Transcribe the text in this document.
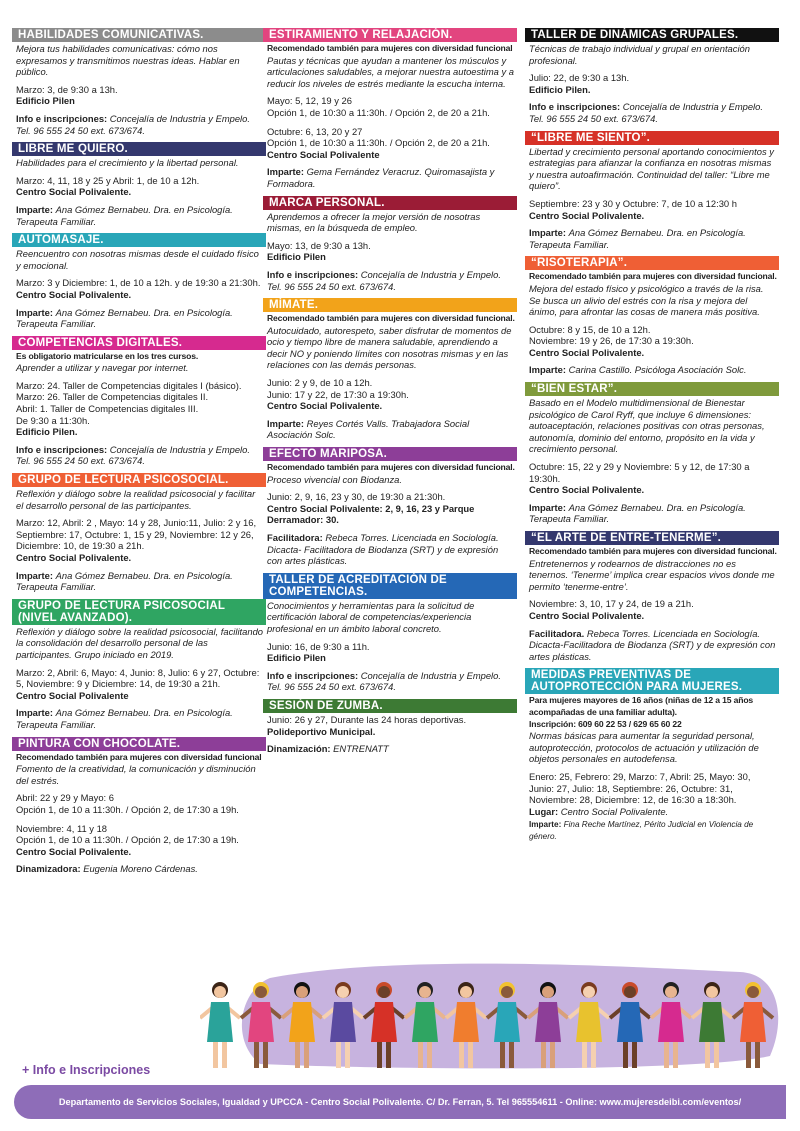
HABILIDADES COMUNICATIVAS.

Mejora tus habilidades comunicativas: cómo nos expresamos y transmitimos nuestras ideas. Hablar en público.

Marzo: 3, de 9:30 a 13h.

Edificio Pilen

Info e inscripciones: Concejalía de Industria y Empelo. Tel. 96 555 24 50 ext. 673/674.

LIBRE ME QUIERO.

Habilidades para el crecimiento y la libertad personal.

Marzo: 4, 11, 18 y 25 y Abril: 1, de 10 a 12h.

Centro Social Polivalente.

Imparte: Ana Gómez Bernabeu. Dra. en Psicología. Terapeuta Familiar.

AUTOMASAJE.

Reencuentro con nosotras mismas desde el cuidado físico y emocional.

Marzo: 3 y Diciembre: 1, de 10 a 12h. y de 19:30 a 21:30h.

Centro Social Polivalente.

Imparte: Ana Gómez Bernabeu. Dra. en Psicología. Terapeuta Familiar.

COMPETENCIAS DIGITALES.
Es obligatorio matricularse en los tres cursos.

Aprender a utilizar y navegar por internet.

Marzo: 24. Taller de Competencias digitales I (básico).
Marzo: 26. Taller de Competencias digitales II.
Abril: 1. Taller de Competencias digitales III.
De 9:30 a 11:30h.

Edificio Pilen.

Info e inscripciones: Concejalía de Industria y Empelo. Tel. 96 555 24 50 ext. 673/674.

GRUPO DE LECTURA PSICOSOCIAL.

Reflexión y diálogo sobre la realidad psicosocial y facilitar el desarrollo personal de las participantes.

Marzo: 12, Abril: 2 , Mayo: 14 y 28, Junio:11, Julio: 2 y 16, Septiembre: 17, Octubre: 1, 15 y 29, Noviembre: 12 y 26, Diciembre: 10, de 19:30 a 21h.

Centro Social Polivalente.

Imparte: Ana Gómez Bernabeu. Dra. en Psicología. Terapeuta Familiar.

GRUPO DE LECTURA PSICOSOCIAL
(NIVEL AVANZADO).

Reflexión y diálogo sobre la realidad psicosocial, facilitando la consolidación del desarrollo personal de las participantes. Grupo iniciado en 2019.

Marzo: 2, Abril: 6, Mayo: 4, Junio: 8, Julio: 6 y 27, Octubre: 5, Noviembre: 9 y Diciembre: 14, de 19:30 a 21h.

Centro Social Polivalente

Imparte: Ana Gómez Bernabeu. Dra. en Psicología. Terapeuta Familiar.

PINTURA CON CHOCOLATE.
Recomendado también para mujeres con diversidad funcional

Fomento de la creatividad, la comunicación y disminución del estrés.

Abril: 22 y 29 y Mayo: 6
Opción 1, de 10 a 11:30h. / Opción 2, de 17:30 a 19h.
Noviembre: 4, 11 y 18
Opción 1, de 10 a 11:30h. / Opción 2, de 17:30 a 19h.

Centro Social Polivalente.

Dinamizadora: Eugenia Moreno Cárdenas.

ESTIRAMIENTO Y RELAJACIÓN.
Recomendado también para mujeres con diversidad funcional

Pautas y técnicas que ayudan a mantener los músculos y articulaciones saludables, a mejorar nuestra autoestima y a reducir los niveles de estrés mediante la escucha interna.

Mayo: 5, 12, 19 y 26
Opción 1, de 10:30 a 11:30h. / Opción 2, de 20 a 21h.
Octubre: 6, 13, 20 y 27
Opción 1, de 10:30 a 11:30h. / Opción 2, de 20 a 21h.

Centro Social Polivalente

Imparte: Gema Fernández Veracruz. Quiromasajista y Formadora.

MARCA PERSONAL.

Aprendemos a ofrecer la mejor versión de nosotras mismas, en la búsqueda de empleo.

Mayo: 13, de 9:30 a 13h.

Edificio Pilen

Info e inscripciones: Concejalía de Industria y Empelo. Tel. 96 555 24 50 ext. 673/674.

MÍMATE.
Recomendado también para mujeres con diversidad funcional.

Autocuidado, autorespeto, saber disfrutar de momentos de ocio y tiempo libre de manera saludable, aprendiendo a decir NO y poniendo límites con nosotras mismas y en las relaciones con las demás personas.

Junio: 2 y 9, de 10 a 12h.
Junio: 17 y 22, de 17:30 a 19:30h.

Centro Social Polivalente.

Imparte: Reyes Cortés Valls. Trabajadora Social Asociación Solc.

EFECTO MARIPOSA.
Recomendado también para mujeres con diversidad funcional.

Proceso vivencial con Biodanza.

Junio: 2, 9, 16, 23 y 30, de 19:30 a 21:30h.

Centro Social Polivalente: 2, 9, 16, 23 y Parque Derramador: 30.

Facilitadora: Rebeca Torres. Licenciada en Sociología. Dicacta- Facilitadora de Biodanza (SRT) y de expresión con artes plásticas.

TALLER DE ACREDITACIÓN DE
COMPETENCIAS.

Conocimientos y herramientas para la solicitud de certificación laboral de competencias/experiencia profesional en un ámbito laboral concreto.

Junio: 16, de 9:30 a 11h.

Edificio Pilen

Info e inscripciones: Concejalía de Industria y Empelo. Tel. 96 555 24 50 ext. 673/674.

SESIÓN DE ZUMBA.
Junio: 26 y 27, Durante las 24 horas deportivas.

Polideportivo Municipal.

Dinamización: ENTRENATT

TALLER DE DINÁMICAS GRUPALES.

Técnicas de trabajo individual y grupal en orientación profesional.

Julio: 22, de 9:30 a 13h.

Edificio Pilen.

Info e inscripciones: Concejalía de Industria y Empelo. Tel. 96 555 24 50 ext. 673/674.

“LIBRE ME SIENTO”.

Libertad y crecimiento personal aportando conocimientos y estrategias para afianzar la confianza en nosotras mismas y nuestra autoafirmación. Continuidad del taller: “Libre me quiero”.

Septiembre: 23 y 30 y Octubre: 7, de 10 a 12:30 h

Centro Social Polivalente.

Imparte: Ana Gómez Bernabeu. Dra. en Psicología. Terapeuta Familiar.

“RISOTERAPIA”.
Recomendado también para mujeres con diversidad funcional.

Mejora del estado físico y psicológico a través de la risa. Se busca un alivio del estrés con la risa y mejora del ánimo, para afrontar las cosas de manera más positiva.

Octubre: 8 y 15, de 10 a 12h.
Noviembre: 19 y 26, de 17:30 a 19:30h.

Centro Social Polivalente.

Imparte: Carina Castillo. Psicóloga Asociación Solc.

“BIEN ESTAR”.

Basado en el Modelo multidimensional de Bienestar psicológico de Carol Ryff, que incluye 6 dimensiones: autoaceptación, relaciones positivas con otras personas, autonomía, dominio del entorno, propósito en la vida y crecimiento personal.

Octubre: 15, 22 y 29 y Noviembre: 5 y 12, de 17:30 a 19:30h.

Centro Social Polivalente.

Imparte: Ana Gómez Bernabeu. Dra. en Psicología. Terapeuta Familiar.

“EL ARTE DE ENTRE-TENERME”.
Recomendado también para mujeres con diversidad funcional.

Entretenernos y rodearnos de distracciones no es tenernos. ‘Tenerme’ implica crear espacios vivos donde me permito ‘tenerme-entre’.

Noviembre: 3, 10, 17 y 24, de 19 a 21h.

Centro Social Polivalente.

Facilitadora. Rebeca Torres. Licenciada en Sociología. Dicacta-Facilitadora de Biodanza (SRT) y de expresión con artes plásticas.

MEDIDAS PREVENTIVAS DE
AUTOPROTECCIÓN PARA MUJERES.
Para mujeres mayores de 16 años (niñas de 12 a 15 años acompañadas de una familiar adulta).
Inscripción: 609 60 22 53 / 629 65 60 22

Normas básicas para aumentar la seguridad personal, autoprotección, protocolos de actuación y utilización de objetos personales en autodefensa.

Enero: 25, Febrero: 29, Marzo: 7, Abril: 25, Mayo: 30, Junio: 27, Julio: 18, Septiembre: 26, Octubre: 31, Noviembre: 28, Diciembre: 12, de 16:30 a 18:30h.

Lugar: Centro Social Polivalente.

Imparte: Fina Reche Martínez, Périto Judicial en Violencia de género.

+ Info e Inscripciones
Departamento de Servicios Sociales, Igualdad y UPCCA - Centro Social Polivalente. C/ Dr. Ferran, 5. Tel 965554611 - Online: www.mujeresdeibi.com/eventos/
